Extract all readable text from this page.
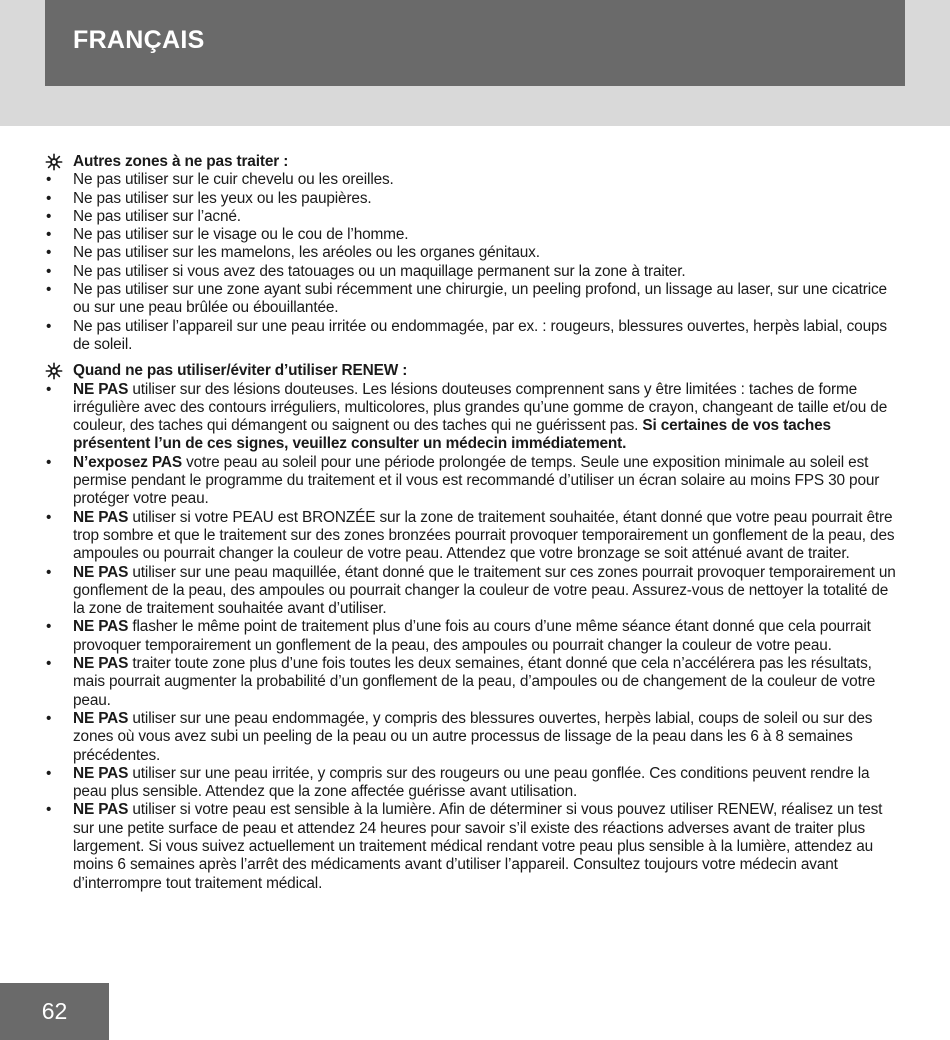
FRANÇAIS
Autres zones à ne pas traiter :
• Ne pas utiliser sur le cuir chevelu ou les oreilles.
• Ne pas utiliser sur les yeux ou les paupières.
• Ne pas utiliser sur l’acné.
• Ne pas utiliser sur le visage ou le cou de l’homme.
• Ne pas utiliser sur les mamelons, les aréoles ou les organes génitaux.
• Ne pas utiliser si vous avez des tatouages ou un maquillage permanent sur la zone à traiter.
• Ne pas utiliser sur une zone ayant subi récemment une chirurgie, un peeling profond, un lissage au laser, sur une cicatrice ou sur une peau brûlée ou ébouillantée.
• Ne pas utiliser l’appareil sur une peau irritée ou endommagée, par ex. : rougeurs, blessures ouvertes, herpès labial, coups de soleil.
Quand ne pas utiliser/éviter d’utiliser RENEW :
• NE PAS utiliser sur des lésions douteuses. Les lésions douteuses comprennent sans y être limitées : taches de forme irrégulière avec des contours irréguliers, multicolores, plus grandes qu’une gomme de crayon, changeant de taille et/ou de couleur, des taches qui démangent ou saignent ou des taches qui ne guérissent pas. Si certaines de vos taches présentent l’un de ces signes, veuillez consulter un médecin immédiatement.
• N’exposez PAS votre peau au soleil pour une période prolongée de temps. Seule une exposition minimale au soleil est permise pendant le programme du traitement et il vous est recommandé d’utiliser un écran solaire au moins FPS 30 pour protéger votre peau.
• NE PAS utiliser si votre PEAU est BRONZÉE sur la zone de traitement souhaitée, étant donné que votre peau pourrait être trop sombre et que le traitement sur des zones bronzées pourrait provoquer temporairement un gonflement de la peau, des ampoules ou pourrait changer la couleur de votre peau. Attendez que votre bronzage se soit atténué avant de traiter.
• NE PAS utiliser sur une peau maquillée, étant donné que le traitement sur ces zones pourrait provoquer temporairement un gonflement de la peau, des ampoules ou pourrait changer la couleur de votre peau. Assurez-vous de nettoyer la totalité de la zone de traitement souhaitée avant d’utiliser.
• NE PAS flasher le même point de traitement plus d’une fois au cours d’une même séance étant donné que cela pourrait provoquer temporairement un gonflement de la peau, des ampoules ou pourrait changer la couleur de votre peau.
• NE PAS traiter toute zone plus d’une fois toutes les deux semaines, étant donné que cela n’accélérera pas les résultats, mais pourrait augmenter la probabilité d’un gonflement de la peau, d’ampoules ou de changement de la couleur de votre peau.
• NE PAS utiliser sur une peau endommagée, y compris des blessures ouvertes, herpès labial, coups de soleil ou sur des zones où vous avez subi un peeling de la peau ou un autre processus de lissage de la peau dans les 6 à 8 semaines précédentes.
• NE PAS utiliser sur une peau irritée, y compris sur des rougeurs ou une peau gonflée. Ces conditions peuvent rendre la peau plus sensible. Attendez que la zone affectée guérisse avant utilisation.
• NE PAS utiliser si votre peau est sensible à la lumière. Afin de déterminer si vous pouvez utiliser RENEW, réalisez un test sur une petite surface de peau et attendez 24 heures pour savoir s’il existe des réactions adverses avant de traiter plus largement. Si vous suivez actuellement un traitement médical rendant votre peau plus sensible à la lumière, attendez au moins 6 semaines après l’arrêt des médicaments avant d’utiliser l’appareil. Consultez toujours votre médecin avant d’interrompre tout traitement médical.
62
